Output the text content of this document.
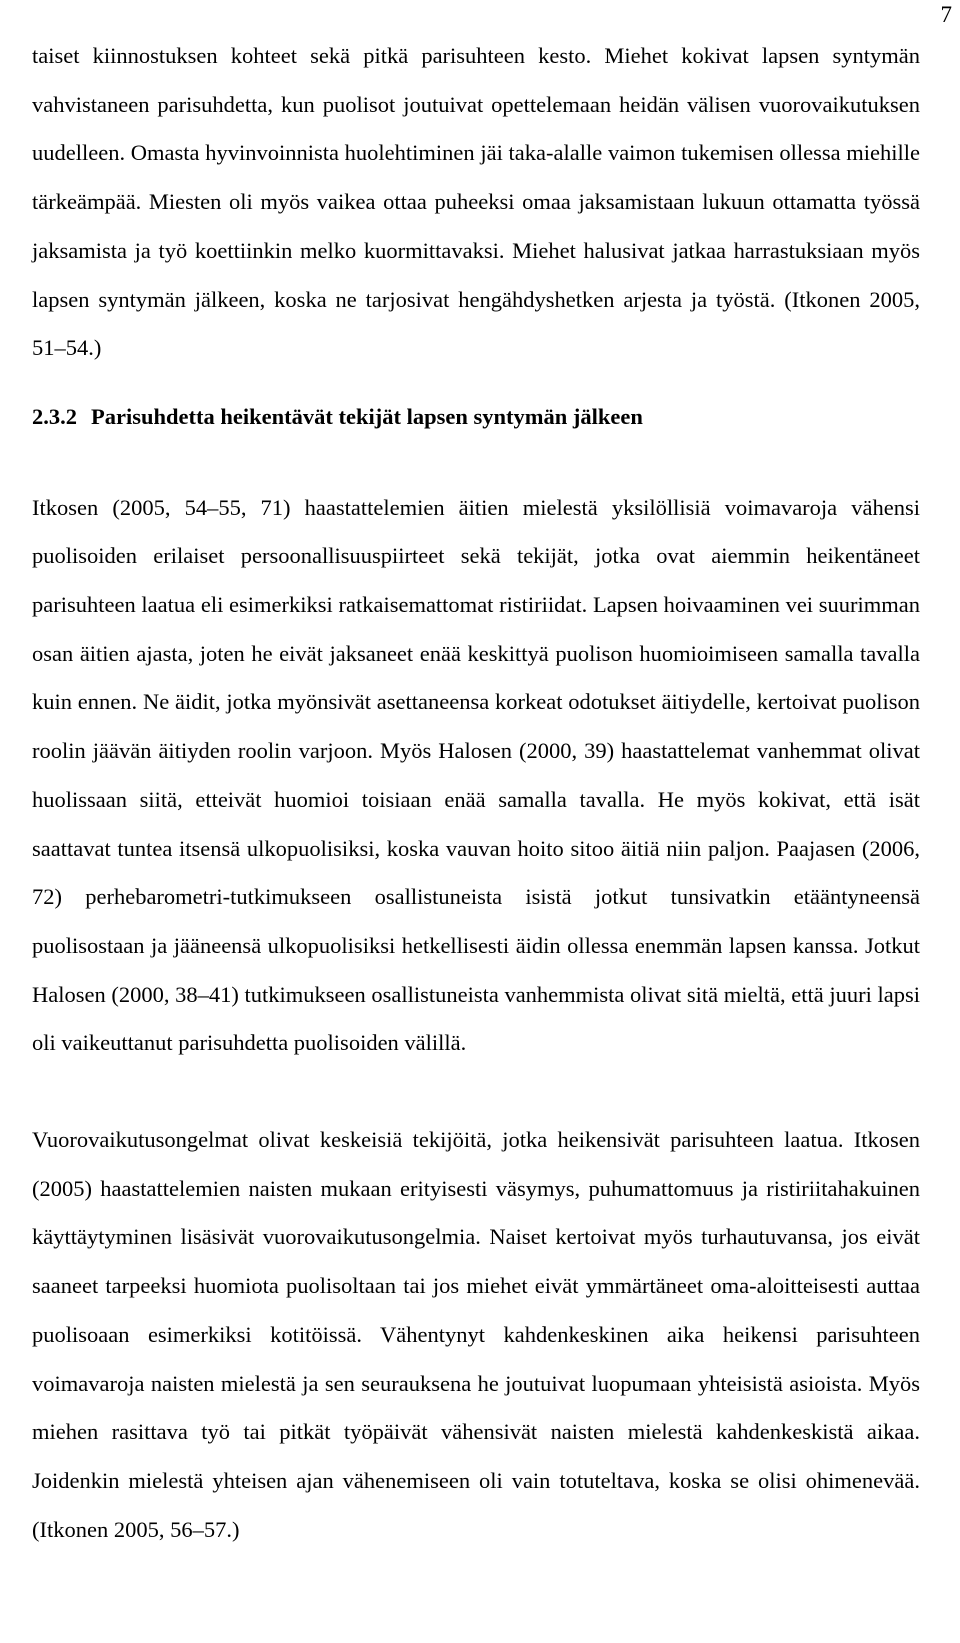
7

taiset kiinnostuksen kohteet sekä pitkä parisuhteen kesto. Miehet kokivat lapsen syntymän vahvistaneen parisuhdetta, kun puolisot joutuivat opettelemaan heidän välisen vuorovaikutuksen uudelleen. Omasta hyvinvoinnista huolehtiminen jäi taka-alalle vaimon tukemisen ollessa miehille tärkeämpää. Miesten oli myös vaikea ottaa puheeksi omaa jaksamistaan lukuun ottamatta työssä jaksamista ja työ koettiinkin melko kuormittavaksi. Miehet halusivat jatkaa harrastuksiaan myös lapsen syntymän jälkeen, koska ne tarjosivat hengähdyshetken arjesta ja työstä. (Itkonen 2005, 51–54.)

2.3.2 Parisuhdetta heikentävät tekijät lapsen syntymän jälkeen

Itkosen (2005, 54–55, 71) haastattelemien äitien mielestä yksilöllisiä voimavaroja vähensi puolisoiden erilaiset persoonallisuuspiirteet sekä tekijät, jotka ovat aiemmin heikentäneet parisuhteen laatua eli esimerkiksi ratkaisemattomat ristiriidat. Lapsen hoivaaminen vei suurimman osan äitien ajasta, joten he eivät jaksaneet enää keskittyä puolison huomioimiseen samalla tavalla kuin ennen. Ne äidit, jotka myönsivät asettaneensa korkeat odotukset äitiydelle, kertoivat puolison roolin jäävän äitiyden roolin varjoon. Myös Halosen (2000, 39) haastattelemat vanhemmat olivat huolissaan siitä, etteivät huomioi toisiaan enää samalla tavalla. He myös kokivat, että isät saattavat tuntea itsensä ulkopuolisiksi, koska vauvan hoito sitoo äitiä niin paljon. Paajasen (2006, 72) perhebarometri-tutkimukseen osallistuneista isistä jotkut tunsivatkin etääntyneensä puolisostaan ja jääneensä ulkopuolisiksi hetkellisesti äidin ollessa enemmän lapsen kanssa. Jotkut Halosen (2000, 38–41) tutkimukseen osallistuneista vanhemmista olivat sitä mieltä, että juuri lapsi oli vaikeuttanut parisuhdetta puolisoiden välillä.

Vuorovaikutusongelmat olivat keskeisiä tekijöitä, jotka heikensivät parisuhteen laatua. Itkosen (2005) haastattelemien naisten mukaan erityisesti väsymys, puhumattomuus ja ristiriitahakuinen käyttäytyminen lisäsivät vuorovaikutusongelmia. Naiset kertoivat myös turhautuvansa, jos eivät saaneet tarpeeksi huomiota puolisoltaan tai jos miehet eivät ymmärtäneet oma-aloitteisesti auttaa puolisoaan esimerkiksi kotitöissä. Vähentynyt kahdenkeskinen aika heikensi parisuhteen voimavaroja naisten mielestä ja sen seurauksena he joutuivat luopumaan yhteisistä asioista. Myös miehen rasittava työ tai pitkät työpäivät vähensivät naisten mielestä kahdenkeskistä aikaa. Joidenkin mielestä yhteisen ajan vähenemiseen oli vain totuteltava, koska se olisi ohimenevää. (Itkonen 2005, 56–57.)
